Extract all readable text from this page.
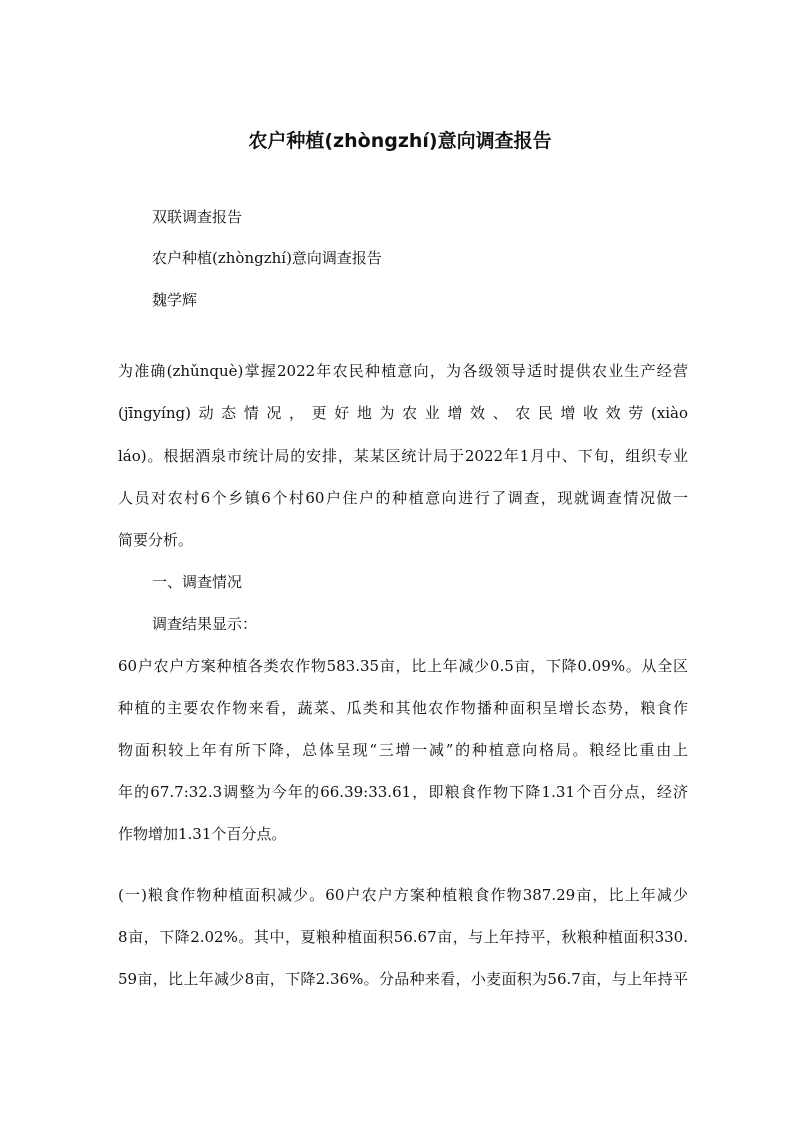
农户种植(zhòngzhí)意向调查报告
双联调查报告
农户种植(zhòngzhí)意向调查报告
魏学辉
为准确(zhǔnquè)掌握2022年农民种植意向，为各级领导适时提供农业生产经营
(jīngyíng)动态情况，更好地为农业增效、农民增收效劳(xiào
láo)。根据酒泉市统计局的安排，某某区统计局于2022年1月中、下旬，组织专业
人员对农村6个乡镇6个村60户住户的种植意向进行了调查，现就调查情况做一
简要分析。
一、调查情况
调查结果显示：
60户农户方案种植各类农作物583.35亩，比上年减少0.5亩，下降0.09%。从全区
种植的主要农作物来看，蔬菜、瓜类和其他农作物播种面积呈增长态势，粮食作
物面积较上年有所下降，总体呈现“三增一减”的种植意向格局。粮经比重由上
年的67.7:32.3调整为今年的66.39:33.61，即粮食作物下降1.31个百分点，经济
作物增加1.31个百分点。
(一)粮食作物种植面积减少。60户农户方案种植粮食作物387.29亩，比上年减少
8亩，下降2.02%。其中，夏粮种植面积56.67亩，与上年持平，秋粮种植面积330.
59亩，比上年减少8亩，下降2.36%。分品种来看，小麦面积为56.7亩，与上年持平
